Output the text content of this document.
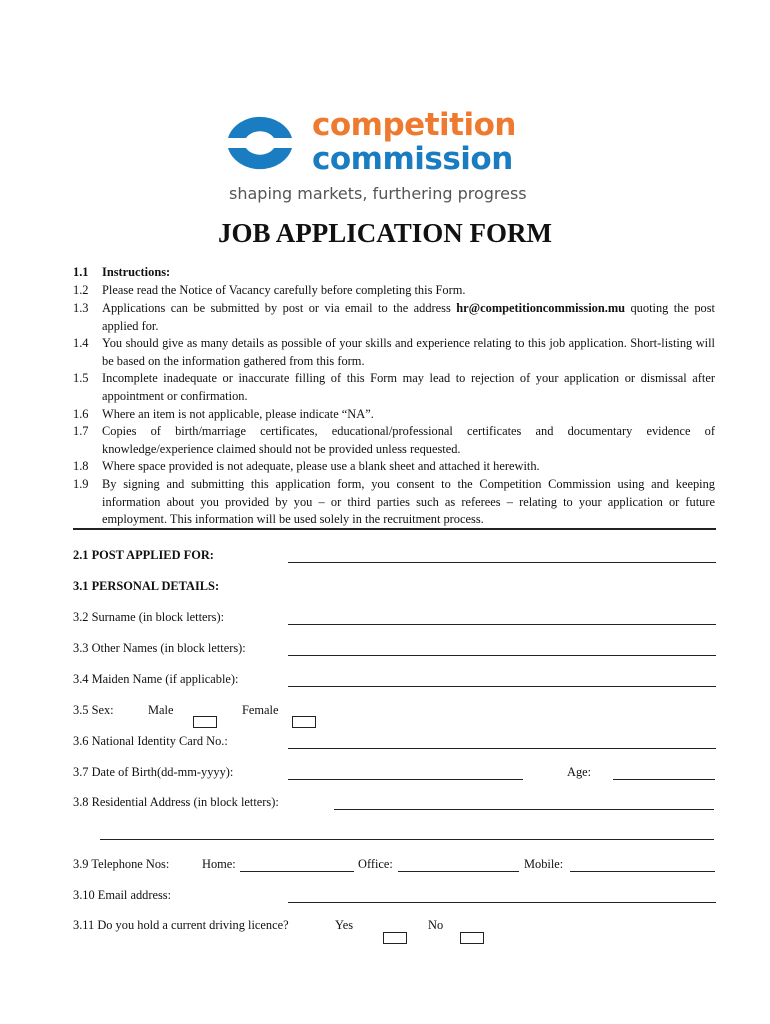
competition
commission
shaping markets, furthering progress
JOB APPLICATION FORM
1.1 Instructions:
1.2 Please read the Notice of Vacancy carefully before completing this Form.
1.3 Applications can be submitted by post or via email to the address hr@competitioncommission.mu quoting the post applied for.
1.4 You should give as many details as possible of your skills and experience relating to this job application. Short-listing will be based on the information gathered from this form.
1.5 Incomplete inadequate or inaccurate filling of this Form may lead to rejection of your application or dismissal after appointment or confirmation.
1.6 Where an item is not applicable, please indicate “NA”.
1.7 Copies of birth/marriage certificates, educational/professional certificates and documentary evidence of knowledge/experience claimed should not be provided unless requested.
1.8 Where space provided is not adequate, please use a blank sheet and attached it herewith.
1.9 By signing and submitting this application form, you consent to the Competition Commission using and keeping information about you provided by you – or third parties such as referees – relating to your application or future employment. This information will be used solely in the recruitment process.
2.1 POST APPLIED FOR:
3.1 PERSONAL DETAILS:
3.2 Surname (in block letters):
3.3 Other Names (in block letters):
3.4 Maiden Name (if applicable):
3.5 Sex:	Male	Female
3.6 National Identity Card No.:
3.7 Date of Birth(dd-mm-yyyy):	Age:
3.8 Residential Address (in block letters):
3.9 Telephone Nos:	Home:	Office:	Mobile:
3.10 Email address:
3.11 Do you hold a current driving licence?	Yes	No
